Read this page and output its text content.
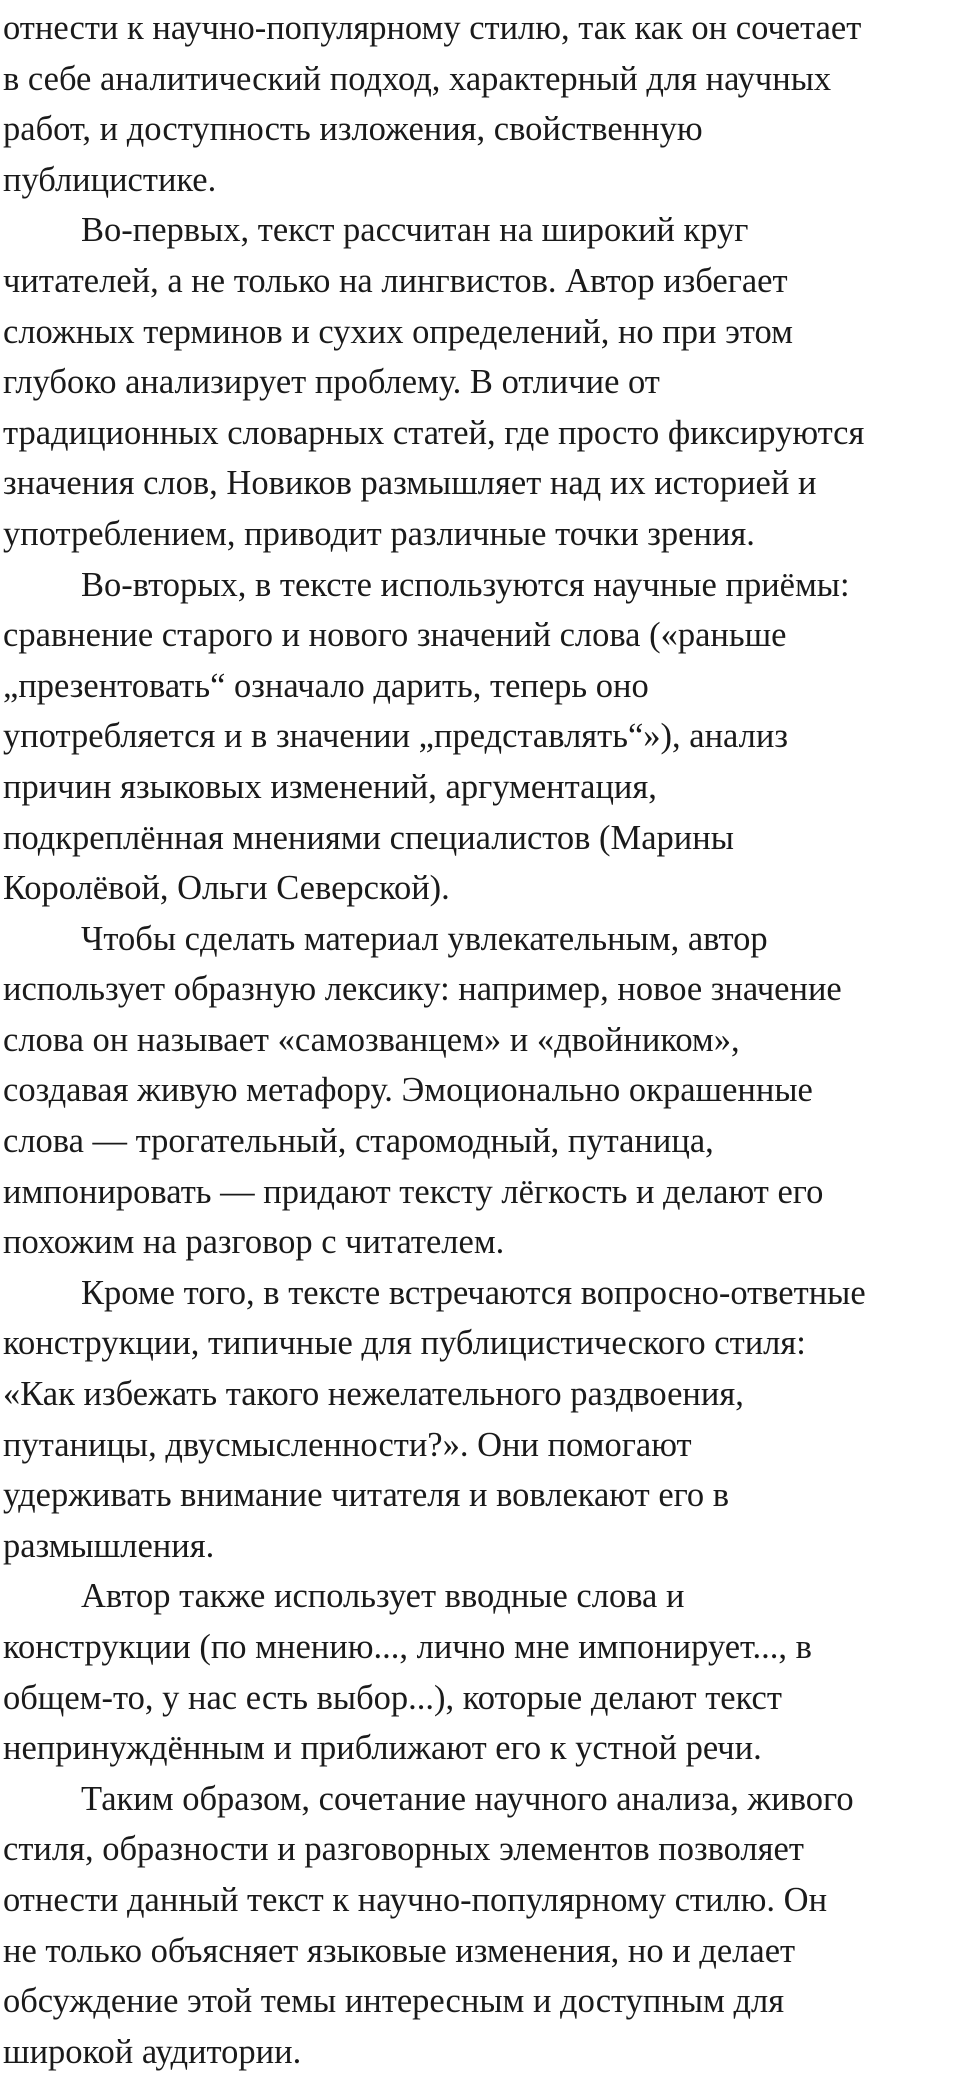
отнести к научно-популярному стилю, так как он сочетает
в себе аналитический подход, характерный для научных
работ, и доступность изложения, свойственную
публицистике.
Во-первых, текст рассчитан на широкий круг
читателей, а не только на лингвистов. Автор избегает
сложных терминов и сухих определений, но при этом
глубоко анализирует проблему. В отличие от
традиционных словарных статей, где просто фиксируются
значения слов, Новиков размышляет над их историей и
употреблением, приводит различные точки зрения.
Во-вторых, в тексте используются научные приёмы:
сравнение старого и нового значений слова («раньше
„презентовать“ означало дарить, теперь оно
употребляется и в значении „представлять“»), анализ
причин языковых изменений, аргументация,
подкреплённая мнениями специалистов (Марины
Королёвой, Ольги Северской).
Чтобы сделать материал увлекательным, автор
использует образную лексику: например, новое значение
слова он называет «самозванцем» и «двойником»,
создавая живую метафору. Эмоционально окрашенные
слова — трогательный, старомодный, путаница,
импонировать — придают тексту лёгкость и делают его
похожим на разговор с читателем.
Кроме того, в тексте встречаются вопросно-ответные
конструкции, типичные для публицистического стиля:
«Как избежать такого нежелательного раздвоения,
путаницы, двусмысленности?». Они помогают
удерживать внимание читателя и вовлекают его в
размышления.
Автор также использует вводные слова и
конструкции (по мнению..., лично мне импонирует..., в
общем-то, у нас есть выбор...), которые делают текст
непринуждённым и приближают его к устной речи.
Таким образом, сочетание научного анализа, живого
стиля, образности и разговорных элементов позволяет
отнести данный текст к научно-популярному стилю. Он
не только объясняет языковые изменения, но и делает
обсуждение этой темы интересным и доступным для
широкой аудитории.
